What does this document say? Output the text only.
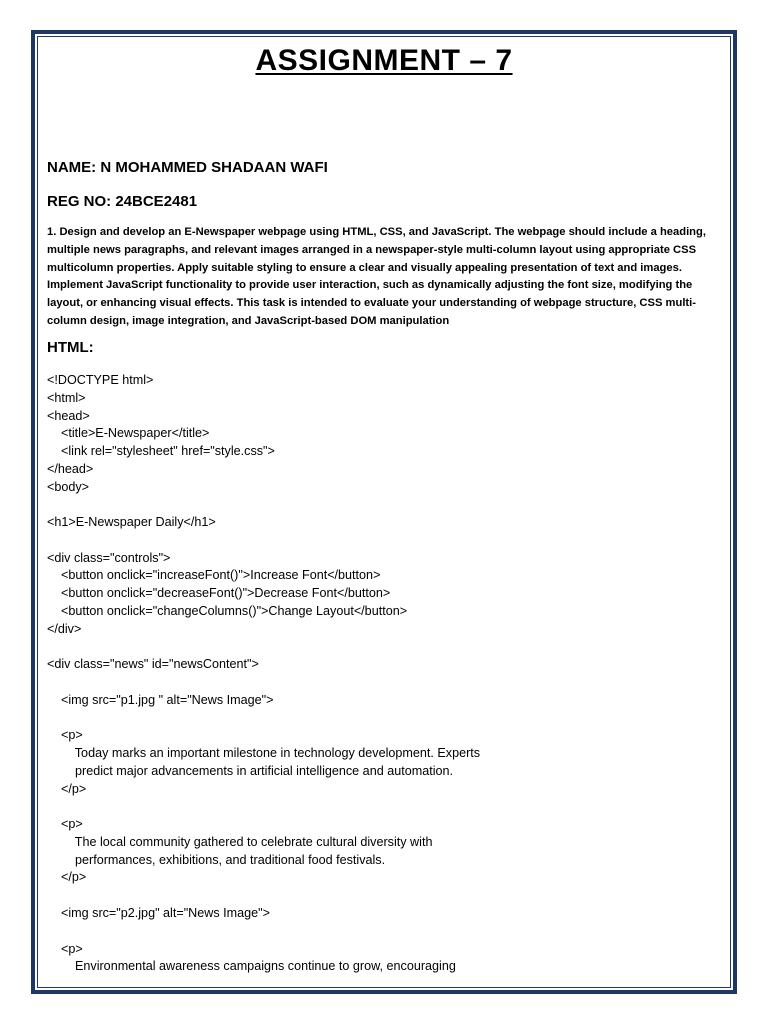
ASSIGNMENT – 7

NAME: N MOHAMMED SHADAAN WAFI

REG NO: 24BCE2481

1. Design and develop an E-Newspaper webpage using HTML, CSS, and JavaScript. The webpage should include a heading,
multiple news paragraphs, and relevant images arranged in a newspaper-style multi-column layout using appropriate CSS
multicolumn properties. Apply suitable styling to ensure a clear and visually appealing presentation of text and images.
Implement JavaScript functionality to provide user interaction, such as dynamically adjusting the font size, modifying the
layout, or enhancing visual effects. This task is intended to evaluate your understanding of webpage structure, CSS multi-
column design, image integration, and JavaScript-based DOM manipulation
HTML:
<!DOCTYPE html>
<html>
<head>
<title>E-Newspaper</title>
<link rel="stylesheet" href="style.css">
</head>
<body>
<h1>E-Newspaper Daily</h1>
<div class="controls">
<button onclick="increaseFont()">Increase Font</button>
<button onclick="decreaseFont()">Decrease Font</button>
<button onclick="changeColumns()">Change Layout</button>
</div>
<div class="news" id="newsContent">
<img src="p1.jpg " alt="News Image">
<p>
Today marks an important milestone in technology development. Experts
predict major advancements in artificial intelligence and automation.
</p>
<p>
The local community gathered to celebrate cultural diversity with
performances, exhibitions, and traditional food festivals.
</p>
<img src="p2.jpg" alt="News Image">
<p>
Environmental awareness campaigns continue to grow, encouraging
